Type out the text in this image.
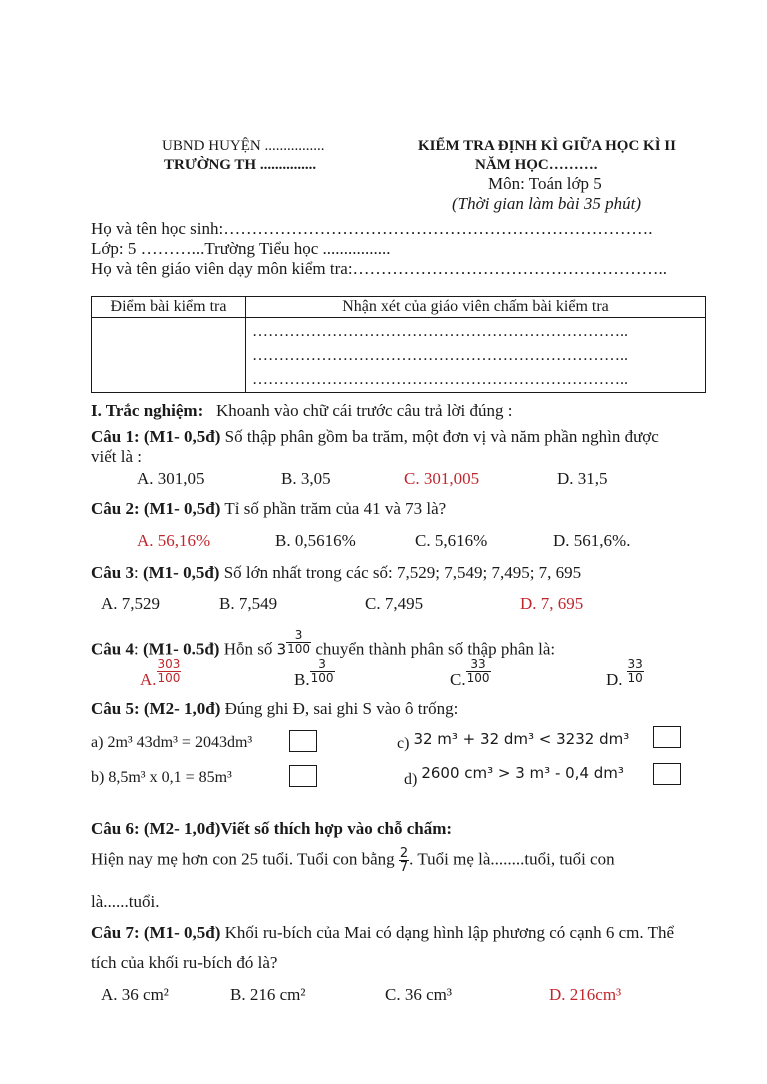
UBND HUYỆN ................
TRƯỜNG TH ...............
KIỂM TRA ĐỊNH KÌ GIỮA HỌC KÌ II
NĂM HỌC……….
Môn: Toán lớp 5
(Thời gian làm bài 35 phút)
Họ và tên học sinh:………………………………………………………………….
Lớp: 5 ………...Trường Tiểu học ................
Họ và tên giáo viên dạy môn kiểm tra:………………………………………………..
Điểm bài kiểm tra	Nhận xét của giáo viên chấm bài kiểm tra

	……………………………………………………………..
……………………………………………………………..
……………………………………………………………..
I. Trắc nghiệm: Khoanh vào chữ cái trước câu trả lời đúng :
Câu 1: (M1- 0,5đ) Số thập phân gồm ba trăm, một đơn vị và năm phần nghìn được
viết là :
A. 301,05	B. 3,05	C. 301,005	D. 31,5
Câu 2: (M1- 0,5đ) Tỉ số phần trăm của 41 và 73 là?
A. 56,16%	B. 0,5616%	C. 5,616%	D. 561,6%.
Câu 3: (M1- 0,5đ) Số lớn nhất trong các số: 7,529; 7,549; 7,495; 7, 695
A. 7,529	B. 7,549	C. 7,495	D. 7, 695
Câu 4: (M1- 0.5đ) Hỗn số $3 \frac{3}{100}$ chuyển thành phân số thập phân là:
A. $\frac{303}{100}$	B. $\frac{3}{100}$	C. $\frac{33}{100}$	D. $\frac{33}{10}$
Câu 5: (M2- 1,0đ) Đúng ghi Đ, sai ghi S vào ô trống:
a) 2m³ 43dm³ = 2043dm³	c) 32 m³ + 32 dm³ < 3232 dm³
b) 8,5m³ x 0,1 = 85m³	d) 2600 cm³ > 3 m³ - 0,4 dm³
Câu 6: (M2- 1,0đ)Viết số thích hợp vào chỗ chấm:
Hiện nay mẹ hơn con 25 tuổi. Tuổi con bằng $\frac{2}{7}$ . Tuổi mẹ là........tuổi, tuổi con
là......tuổi.
Câu 7: (M1- 0,5đ) Khối ru-bích của Mai có dạng hình lập phương có cạnh 6 cm. Thể
tích của khối ru-bích đó là?
A. 36 cm²	B. 216 cm²	C. 36 cm³	D. 216cm³
